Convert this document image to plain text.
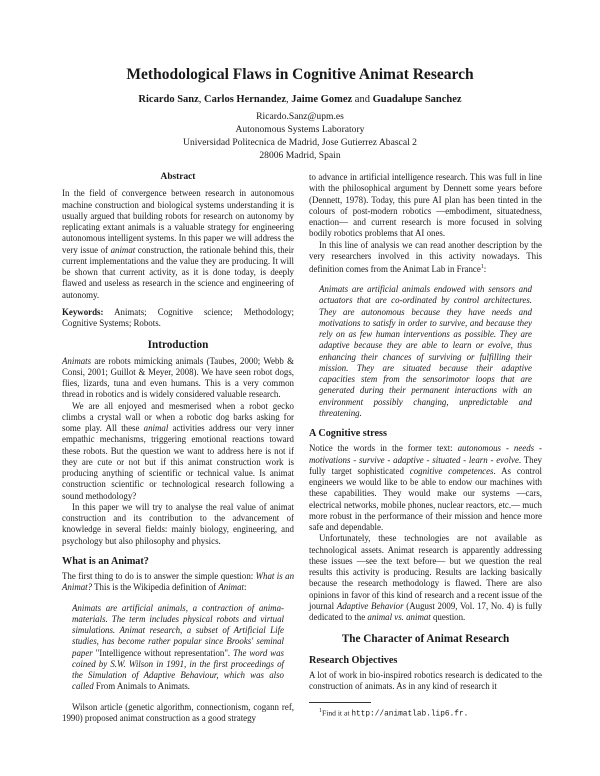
Methodological Flaws in Cognitive Animat Research
Ricardo Sanz, Carlos Hernandez, Jaime Gomez and Guadalupe Sanchez
Ricardo.Sanz@upm.es
Autonomous Systems Laboratory
Universidad Politecnica de Madrid, Jose Gutierrez Abascal 2
28006 Madrid, Spain
Abstract

In the field of convergence between research in autonomous machine construction and biological systems understanding it is usually argued that building robots for research on autonomy by replicating extant animals is a valuable strategy for engineering autonomous intelligent systems. In this paper we will address the very issue of animat construction, the rationale behind this, their current implementations and the value they are producing. It will be shown that current activity, as it is done today, is deeply flawed and useless as research in the science and engineering of autonomy.

Keywords: Animats; Cognitive science; Methodology; Cognitive Systems; Robots.

Introduction

Animats are robots mimicking animals (Taubes, 2000; Webb & Consi, 2001; Guillot & Meyer, 2008). We have seen robot dogs, flies, lizards, tuna and even humans. This is a very common thread in robotics and is widely considered valuable research.

We are all enjoyed and mesmerised when a robot gecko climbs a crystal wall or when a robotic dog barks asking for some play. All these animal activities address our very inner empathic mechanisms, triggering emotional reactions toward these robots. But the question we want to address here is not if they are cute or not but if this animat construction work is producing anything of scientific or technical value. Is animat construction scientific or technological research following a sound methodology?

In this paper we will try to analyse the real value of animat construction and its contribution to the advancement of knowledge in several fields: mainly biology, engineering, and psychology but also philosophy and physics.

What is an Animat?

The first thing to do is to answer the simple question: What is an Animat? This is the Wikipedia definition of Animat:

Animats are artificial animals, a contraction of anima-materials. The term includes physical robots and virtual simulations. Animat research, a subset of Artificial Life studies, has become rather popular since Brooks' seminal paper "Intelligence without representation". The word was coined by S.W. Wilson in 1991, in the first proceedings of the Simulation of Adaptive Behaviour, which was also called From Animals to Animats.

Wilson article (genetic algorithm, connectionism, cogann ref, 1990) proposed animat construction as a good strategy

to advance in artificial intelligence research. This was full in line with the philosophical argument by Dennett some years before (Dennett, 1978). Today, this pure AI plan has been tinted in the colours of post-modern robotics —embodiment, situatedness, enaction— and current research is more focused in solving bodily robotics problems that AI ones.

In this line of analysis we can read another description by the very researchers involved in this activity nowadays. This definition comes from the Animat Lab in France$^1$:

Animats are artificial animals endowed with sensors and actuators that are co-ordinated by control architectures. They are autonomous because they have needs and motivations to satisfy in order to survive, and because they rely on as few human interventions as possible. They are adaptive because they are able to learn or evolve, thus enhancing their chances of surviving or fulfilling their mission. They are situated because their adaptive capacities stem from the sensorimotor loops that are generated during their permanent interactions with an environment possibly changing, unpredictable and threatening.

A Cognitive stress

Notice the words in the former text: autonomous - needs - motivations - survive - adaptive - situated - learn - evolve. They fully target sophisticated cognitive competences. As control engineers we would like to be able to endow our machines with these capabilities. They would make our systems —cars, electrical networks, mobile phones, nuclear reactors, etc.— much more robust in the performance of their mission and hence more safe and dependable.

Unfortunately, these technologies are not available as technological assets. Animat research is apparently addressing these issues —see the text before— but we question the real results this activity is producing. Results are lacking basically because the research methodology is flawed. There are also opinions in favor of this kind of research and a recent issue of the journal Adaptive Behavior (August 2009, Vol. 17, No. 4) is fully dedicated to the animal vs. animat question.

The Character of Animat Research
Research Objectives

A lot of work in bio-inspired robotics research is dedicated to the construction of animats. As in any kind of research it

$^1$Find it at http://animatlab.lip6.fr.
